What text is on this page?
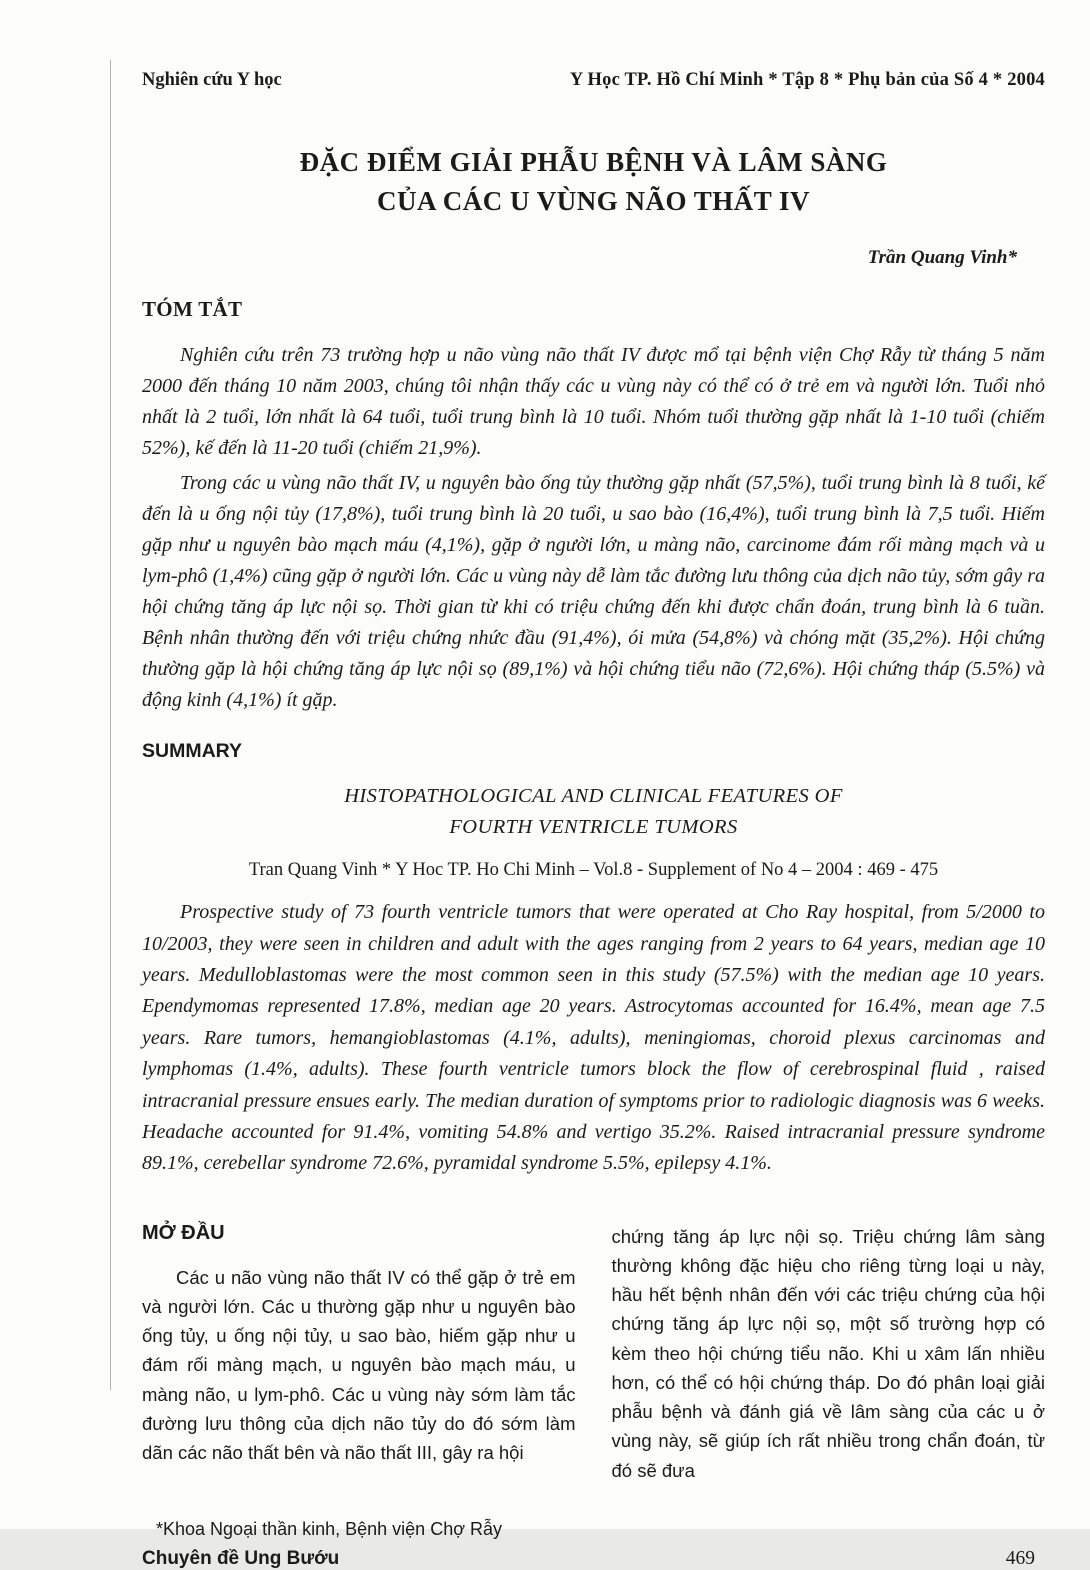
Nghiên cứu Y học	Y Học TP. Hồ Chí Minh * Tập 8 * Phụ bản của Số 4 * 2004
ĐẶC ĐIỂM GIẢI PHẪU BỆNH VÀ LÂM SÀNG
CỦA CÁC U VÙNG NÃO THẤT IV
Trần Quang Vinh*
TÓM TẮT

Nghiên cứu trên 73 trường hợp u não vùng não thất IV được mổ tại bệnh viện Chợ Rẫy từ tháng 5 năm 2000 đến tháng 10 năm 2003, chúng tôi nhận thấy các u vùng này có thể có ở trẻ em và người lớn. Tuổi nhỏ nhất là 2 tuổi, lớn nhất là 64 tuổi, tuổi trung bình là 10 tuổi. Nhóm tuổi thường gặp nhất là 1-10 tuổi (chiếm 52%), kế đến là 11-20 tuổi (chiếm 21,9%).

Trong các u vùng não thất IV, u nguyên bào ống tủy thường gặp nhất (57,5%), tuổi trung bình là 8 tuổi, kế đến là u ống nội tủy (17,8%), tuổi trung bình là 20 tuổi, u sao bào (16,4%), tuổi trung bình là 7,5 tuổi. Hiếm gặp như u nguyên bào mạch máu (4,1%), gặp ở người lớn, u màng não, carcinome đám rối màng mạch và u lym-phô (1,4%) cũng gặp ở người lớn. Các u vùng này dễ làm tắc đường lưu thông của dịch não tủy, sớm gây ra hội chứng tăng áp lực nội sọ. Thời gian từ khi có triệu chứng đến khi được chẩn đoán, trung bình là 6 tuần. Bệnh nhân thường đến với triệu chứng nhức đầu (91,4%), ói mửa (54,8%) và chóng mặt (35,2%). Hội chứng thường gặp là hội chứng tăng áp lực nội sọ (89,1%) và hội chứng tiểu não (72,6%). Hội chứng tháp (5.5%) và động kinh (4,1%) ít gặp.

SUMMARY
HISTOPATHOLOGICAL AND CLINICAL FEATURES OF
FOURTH VENTRICLE TUMORS
Tran Quang Vinh * Y Hoc TP. Ho Chi Minh – Vol.8 - Supplement of No 4 – 2004 : 469 - 475

Prospective study of 73 fourth ventricle tumors that were operated at Cho Ray hospital, from 5/2000 to 10/2003, they were seen in children and adult with the ages ranging from 2 years to 64 years, median age 10 years. Medulloblastomas were the most common seen in this study (57.5%) with the median age 10 years. Ependymomas represented 17.8%, median age 20 years. Astrocytomas accounted for 16.4%, mean age 7.5 years. Rare tumors, hemangioblastomas (4.1%, adults), meningiomas, choroid plexus carcinomas and lymphomas (1.4%, adults). These fourth ventricle tumors block the flow of cerebrospinal fluid , raised intracranial pressure ensues early. The median duration of symptoms prior to radiologic diagnosis was 6 weeks. Headache accounted for 91.4%, vomiting 54.8% and vertigo 35.2%. Raised intracranial pressure syndrome 89.1%, cerebellar syndrome 72.6%, pyramidal syndrome 5.5%, epilepsy 4.1%.

MỞ ĐẦU

Các u não vùng não thất IV có thể gặp ở trẻ em và người lớn. Các u thường gặp như u nguyên bào ống tủy, u ống nội tủy, u sao bào, hiếm gặp như u đám rối màng mạch, u nguyên bào mạch máu, u màng não, u lym-phô. Các u vùng này sớm làm tắc đường lưu thông của dịch não tủy do đó sớm làm dãn các não thất bên và não thất III, gây ra hội

chứng tăng áp lực nội sọ. Triệu chứng lâm sàng thường không đặc hiệu cho riêng từng loại u này, hầu hết bệnh nhân đến với các triệu chứng của hội chứng tăng áp lực nội sọ, một số trường hợp có kèm theo hội chứng tiểu não. Khi u xâm lấn nhiều hơn, có thể có hội chứng tháp. Do đó phân loại giải phẫu bệnh và đánh giá về lâm sàng của các u ở vùng này, sẽ giúp ích rất nhiều trong chẩn đoán, từ đó sẽ đưa

*Khoa Ngoại thần kinh, Bệnh viện Chợ Rẫy
Chuyên đề Ung Bướu	469
